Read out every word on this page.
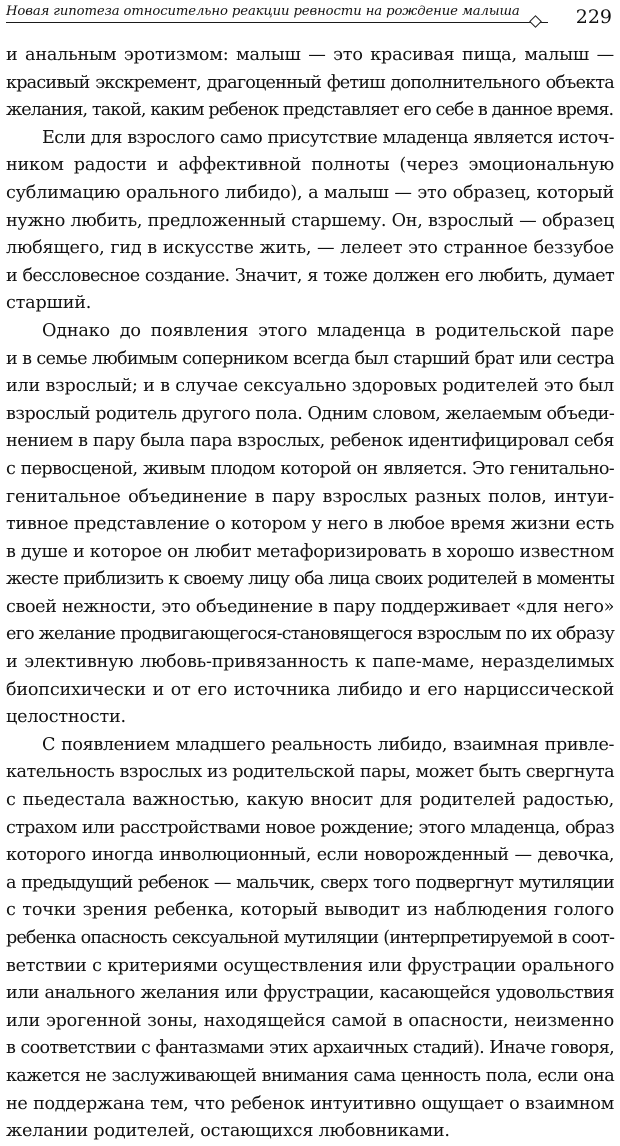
Новая гипотеза относительно реакции ревности на рождение малыша	229
и анальным эротизмом: малыш — это красивая пища, малыш —
красивый экскремент, драгоценный фетиш дополнительного объекта
желания, такой, каким ребенок представляет его себе в данное время.
Если для взрослого само присутствие младенца является источ-
ником радости и аффективной полноты (через эмоциональную
сублимацию орального либидо), а малыш — это образец, который
нужно любить, предложенный старшему. Он, взрослый — образец
любящего, гид в искусстве жить, — лелеет это странное беззубое
и бессловесное создание. Значит, я тоже должен его любить, думает
старший.
Однако до появления этого младенца в родительской паре
и в семье любимым соперником всегда был старший брат или сестра
или взрослый; и в случае сексуально здоровых родителей это был
взрослый родитель другого пола. Одним словом, желаемым объеди-
нением в пару была пара взрослых, ребенок идентифицировал себя
с первосценой, живым плодом которой он является. Это генитально-
генитальное объединение в пару взрослых разных полов, интуи-
тивное представление о котором у него в любое время жизни есть
в душе и которое он любит метафоризировать в хорошо известном
жесте приблизить к своему лицу оба лица своих родителей в моменты
своей нежности, это объединение в пару поддерживает «для него»
его желание продвигающегося-становящегося взрослым по их образу
и элективную любовь-привязанность к папе-маме, неразделимых
биопсихически и от его источника либидо и его нарциссической
целостности.
С появлением младшего реальность либидо, взаимная привле-
кательность взрослых из родительской пары, может быть свергнута
с пьедестала важностью, какую вносит для родителей радостью,
страхом или расстройствами новое рождение; этого младенца, образ
которого иногда инволюционный, если новорожденный — девочка,
а предыдущий ребенок — мальчик, сверх того подвергнут мутиляции
с точки зрения ребенка, который выводит из наблюдения голого
ребенка опасность сексуальной мутиляции (интерпретируемой в соот-
ветствии с критериями осуществления или фрустрации орального
или анального желания или фрустрации, касающейся удовольствия
или эрогенной зоны, находящейся самой в опасности, неизменно
в соответствии с фантазмами этих архаичных стадий). Иначе говоря,
кажется не заслуживающей внимания сама ценность пола, если она
не поддержана тем, что ребенок интуитивно ощущает о взаимном
желании родителей, остающихся любовниками.
